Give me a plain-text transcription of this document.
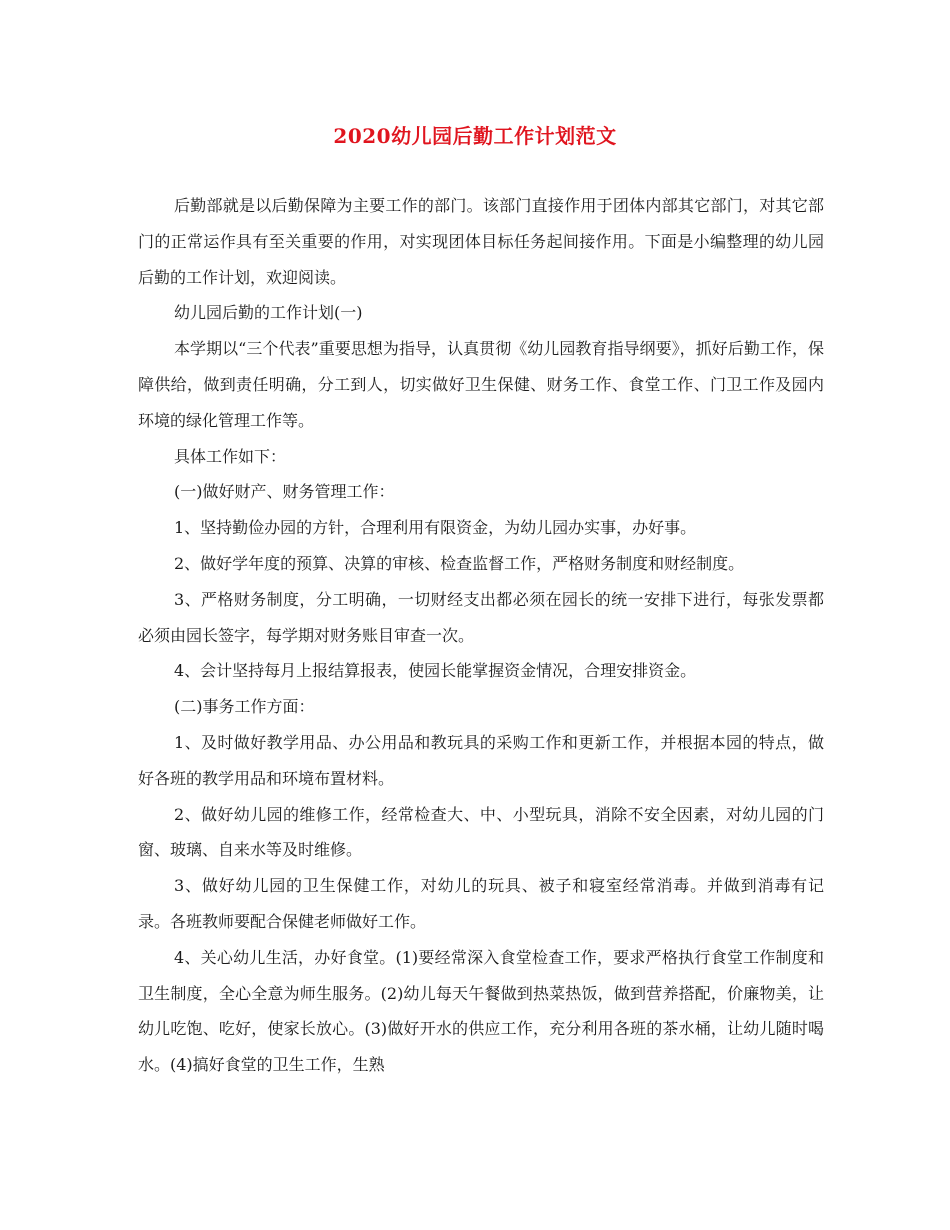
2020幼儿园后勤工作计划范文

后勤部就是以后勤保障为主要工作的部门。该部门直接作用于团体内部其它部门，对其它部门的正常运作具有至关重要的作用，对实现团体目标任务起间接作用。下面是小编整理的幼儿园后勤的工作计划，欢迎阅读。

幼儿园后勤的工作计划(一)

本学期以“三个代表”重要思想为指导，认真贯彻《幼儿园教育指导纲要》，抓好后勤工作，保障供给，做到责任明确，分工到人，切实做好卫生保健、财务工作、食堂工作、门卫工作及园内环境的绿化管理工作等。

具体工作如下：

(一)做好财产、财务管理工作：

1、坚持勤俭办园的方针，合理利用有限资金，为幼儿园办实事，办好事。

2、做好学年度的预算、决算的审核、检查监督工作，严格财务制度和财经制度。

3、严格财务制度，分工明确，一切财经支出都必须在园长的统一安排下进行，每张发票都必须由园长签字，每学期对财务账目审查一次。

4、会计坚持每月上报结算报表，使园长能掌握资金情况，合理安排资金。

(二)事务工作方面：

1、及时做好教学用品、办公用品和教玩具的采购工作和更新工作，并根据本园的特点，做好各班的教学用品和环境布置材料。

2、做好幼儿园的维修工作，经常检查大、中、小型玩具，消除不安全因素，对幼儿园的门窗、玻璃、自来水等及时维修。

3、做好幼儿园的卫生保健工作，对幼儿的玩具、被子和寝室经常消毒。并做到消毒有记录。各班教师要配合保健老师做好工作。

4、关心幼儿生活，办好食堂。(1)要经常深入食堂检查工作，要求严格执行食堂工作制度和卫生制度，全心全意为师生服务。(2)幼儿每天午餐做到热菜热饭，做到营养搭配，价廉物美，让幼儿吃饱、吃好，使家长放心。(3)做好开水的供应工作，充分利用各班的茶水桶，让幼儿随时喝水。(4)搞好食堂的卫生工作，生熟
